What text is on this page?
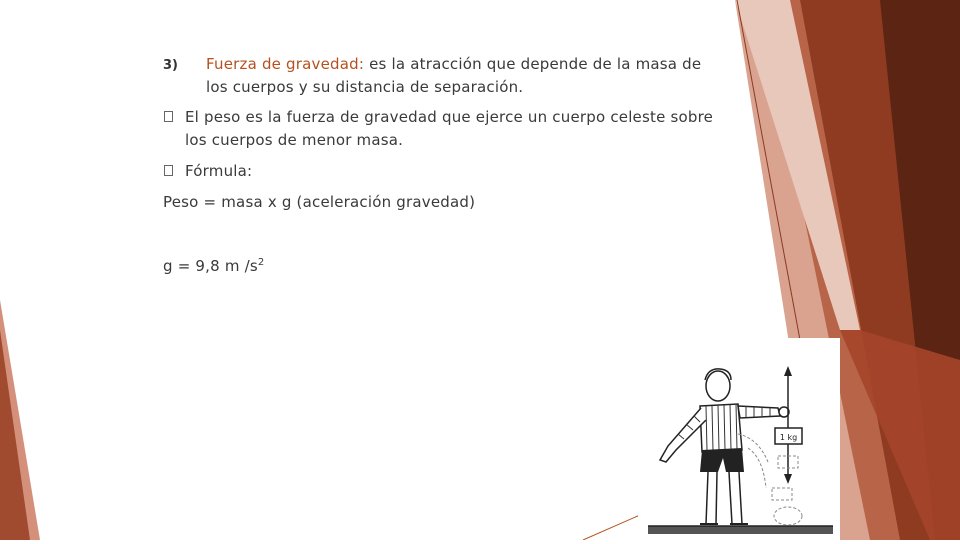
3) Fuerza de gravedad: es la atracción que depende de la masa de los cuerpos y su distancia de separación.
El peso es la fuerza de gravedad que ejerce un cuerpo celeste sobre los cuerpos de menor masa.
Fórmula:
Peso = masa x g (aceleración gravedad)
g = 9,8 m $/s^2$
1 kg
